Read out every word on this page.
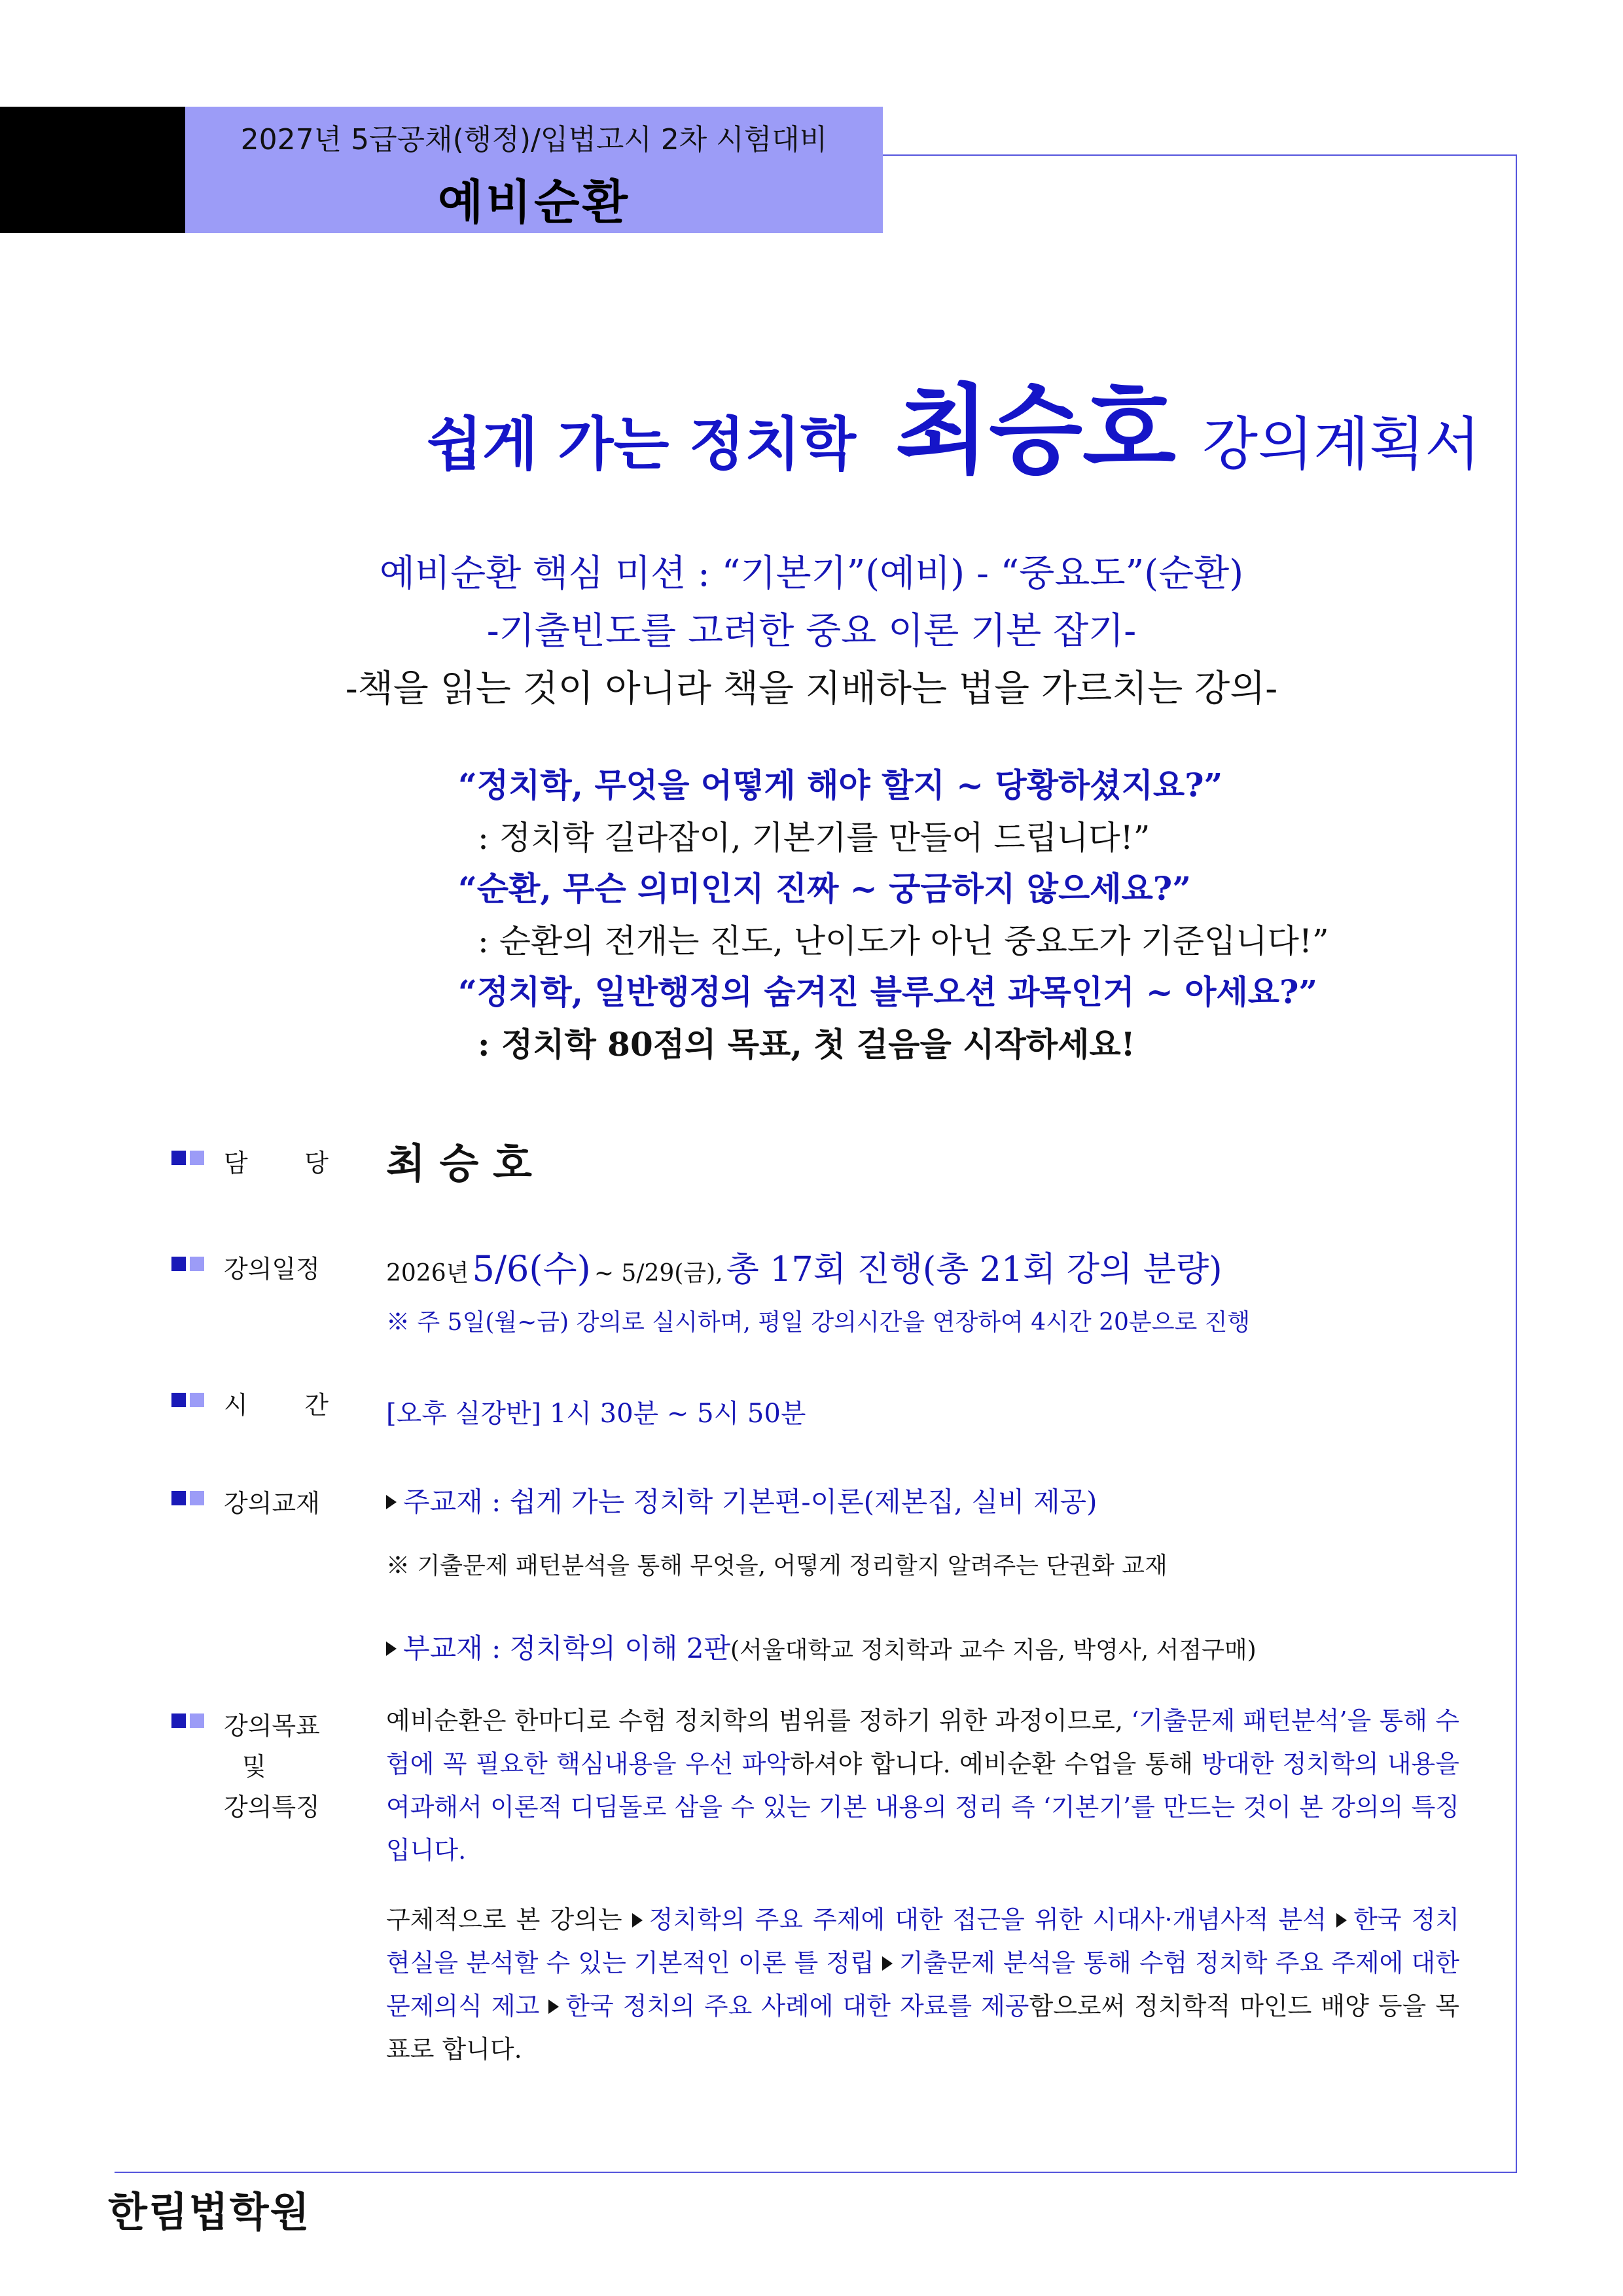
2027년 5급공채(행정)/입법고시 2차 시험대비
예비순환
쉽게 가는 정치학 최승호 강의계획서
예비순환 핵심 미션 : “기본기”(예비) - “중요도”(순환)
-기출빈도를 고려한 중요 이론 기본 잡기-
-책을 읽는 것이 아니라 책을 지배하는 법을 가르치는 강의-
“정치학, 무엇을 어떻게 해야 할지 ~ 당황하셨지요?”
: 정치학 길라잡이, 기본기를 만들어 드립니다!”
“순환, 무슨 의미인지 진짜 ~ 궁금하지 않으세요?”
: 순환의 전개는 진도, 난이도가 아닌 중요도가 기준입니다!”
“정치학, 일반행정의 숨겨진 블루오션 과목인거 ~ 아세요?”
: 정치학 80점의 목표, 첫 걸음을 시작하세요!
담 당 최 승 호
강의일정	2026년 5/6(수) ~ 5/29(금), 총 17회 진행(총 21회 강의 분량)
※ 주 5일(월~금) 강의로 실시하며, 평일 강의시간을 연장하여 4시간 20분으로 진행
시 간 [오후 실강반] 1시 30분 ~ 5시 50분
강의교재	주교재 : 쉽게 가는 정치학 기본편-이론(제본집, 실비 제공)
※ 기출문제 패턴분석을 통해 무엇을, 어떻게 정리할지 알려주는 단권화 교재
부교재 : 정치학의 이해 2판(서울대학교 정치학과 교수 지음, 박영사, 서점구매)
강의목표
및
강의특징
예비순환은 한마디로 수험 정치학의 범위를 정하기 위한 과정이므로, ‘기출문제 패턴분석’을 통해 수험에 꼭 필요한 핵심내용을 우선 파악하셔야 합니다. 예비순환 수업을 통해 방대한 정치학의 내용을 여과해서 이론적 디딤돌로 삼을 수 있는 기본 내용의 정리 즉 ‘기본기’를 만드는 것이 본 강의의 특징입니다.
구체적으로 본 강의는 정치학의 주요 주제에 대한 접근을 위한 시대사·개념사적 분석 한국 정치 현실을 분석할 수 있는 기본적인 이론 틀 정립 기출문제 분석을 통해 수험 정치학 주요 주제에 대한 문제의식 제고 한국 정치의 주요 사례에 대한 자료를 제공함으로써 정치학적 마인드 배양 등을 목표로 합니다.
한림법학원
